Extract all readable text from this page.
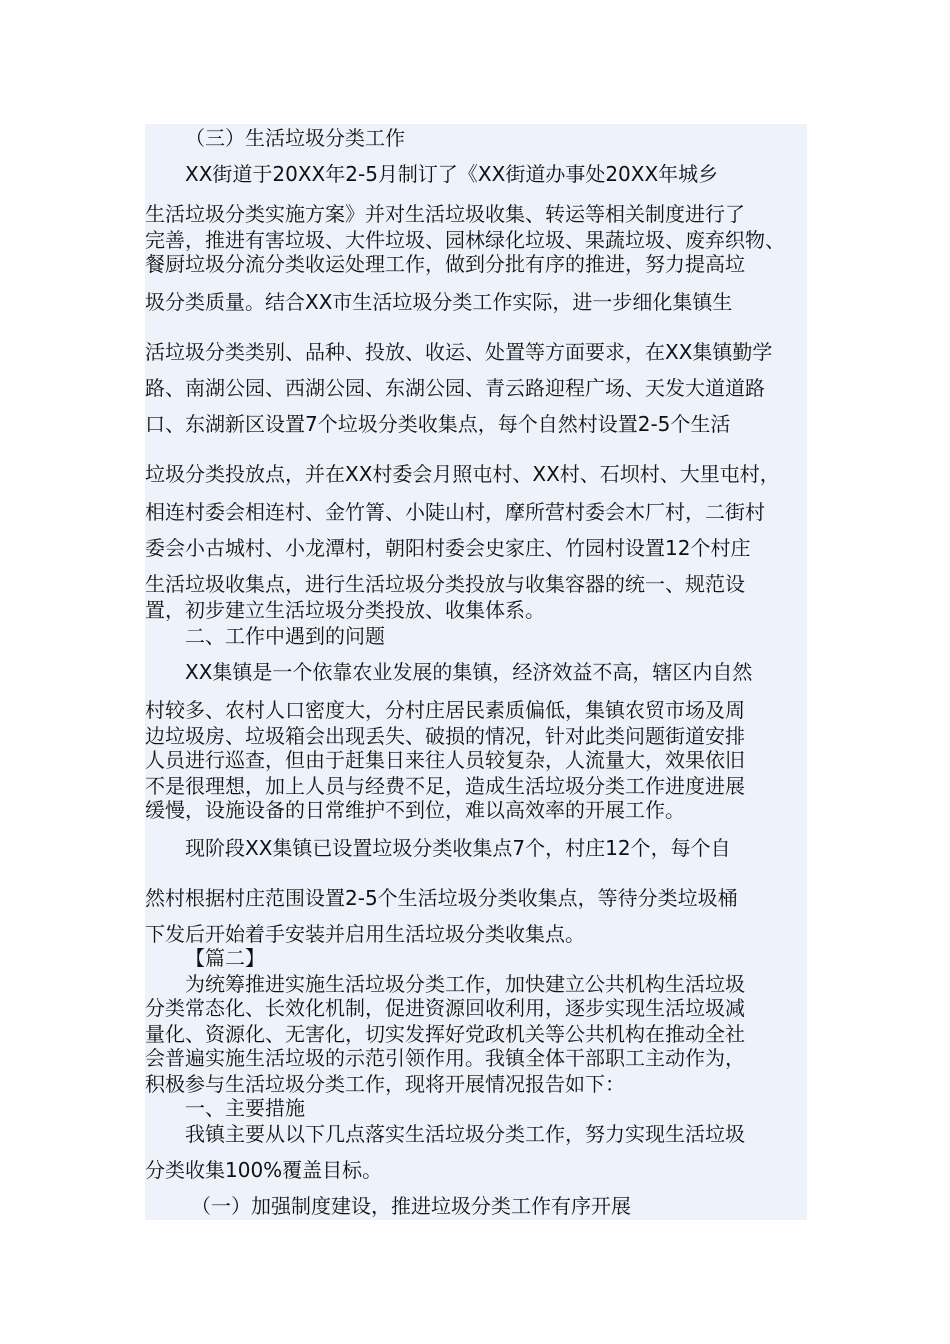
（三）生活垃圾分类工作
XX街道于20XX年2-5月制订了《XX街道办事处20XX年城乡
生活垃圾分类实施方案》并对生活垃圾收集、转运等相关制度进行了
完善，推进有害垃圾、大件垃圾、园林绿化垃圾、果蔬垃圾、废弃织物、
餐厨垃圾分流分类收运处理工作，做到分批有序的推进，努力提高垃
圾分类质量。结合XX市生活垃圾分类工作实际，进一步细化集镇生
活垃圾分类类别、品种、投放、收运、处置等方面要求，在XX集镇勤学
路、南湖公园、西湖公园、东湖公园、青云路迎程广场、天发大道道路
口、东湖新区设置7个垃圾分类收集点，每个自然村设置2-5个生活
垃圾分类投放点，并在XX村委会月照屯村、XX村、石坝村、大里屯村，
相连村委会相连村、金竹箐、小陡山村，摩所营村委会木厂村，二街村
委会小古城村、小龙潭村，朝阳村委会史家庄、竹园村设置12个村庄
生活垃圾收集点，进行生活垃圾分类投放与收集容器的统一、规范设
置，初步建立生活垃圾分类投放、收集体系。
二、工作中遇到的问题
XX集镇是一个依靠农业发展的集镇，经济效益不高，辖区内自然
村较多、农村人口密度大，分村庄居民素质偏低，集镇农贸市场及周
边垃圾房、垃圾箱会出现丢失、破损的情况，针对此类问题街道安排
人员进行巡查，但由于赶集日来往人员较复杂，人流量大，效果依旧
不是很理想，加上人员与经费不足，造成生活垃圾分类工作进度进展
缓慢，设施设备的日常维护不到位，难以高效率的开展工作。
现阶段XX集镇已设置垃圾分类收集点7个，村庄12个，每个自
然村根据村庄范围设置2-5个生活垃圾分类收集点，等待分类垃圾桶
下发后开始着手安装并启用生活垃圾分类收集点。
【篇二】
为统筹推进实施生活垃圾分类工作，加快建立公共机构生活垃圾
分类常态化、长效化机制，促进资源回收利用，逐步实现生活垃圾减
量化、资源化、无害化，切实发挥好党政机关等公共机构在推动全社
会普遍实施生活垃圾的示范引领作用。我镇全体干部职工主动作为，
积极参与生活垃圾分类工作，现将开展情况报告如下：
一、主要措施
我镇主要从以下几点落实生活垃圾分类工作，努力实现生活垃圾
分类收集100%覆盖目标。
（一）加强制度建设，推进垃圾分类工作有序开展
